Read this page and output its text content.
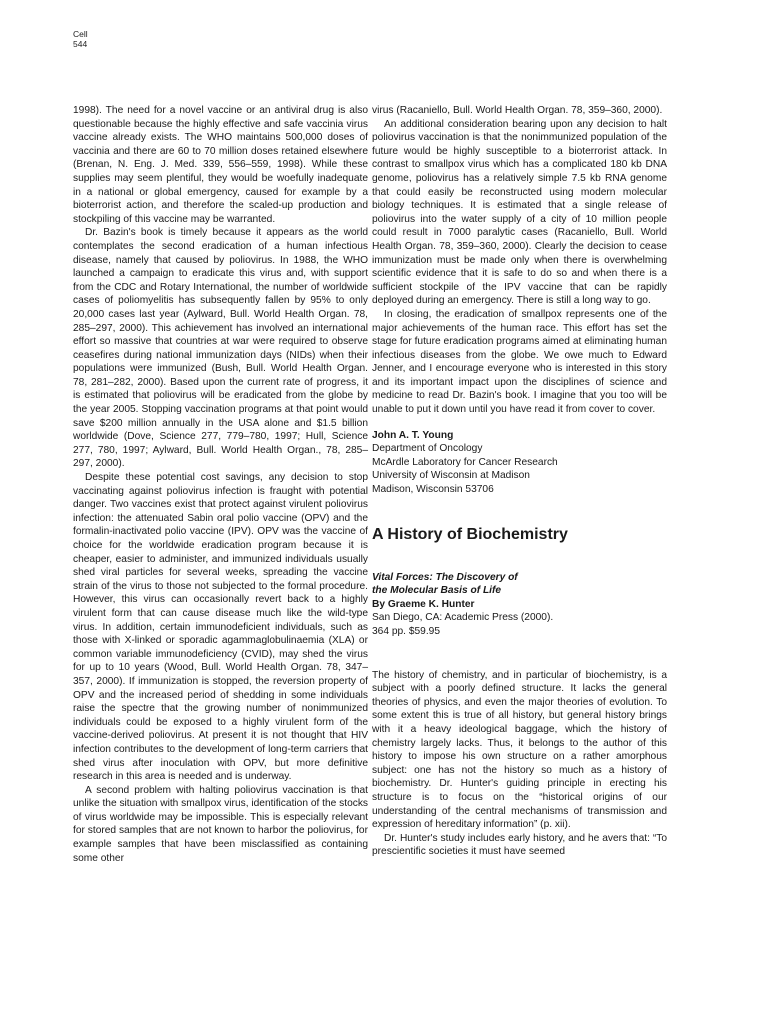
Cell
544

1998). The need for a novel vaccine or an antiviral drug is also questionable because the highly effective and safe vaccinia virus vaccine already exists. The WHO maintains 500,000 doses of vaccinia and there are 60 to 70 million doses retained elsewhere (Brenan, N. Eng. J. Med. 339, 556–559, 1998). While these supplies may seem plentiful, they would be woefully inadequate in a national or global emergency, caused for example by a bioterrorist action, and therefore the scaled-up production and stockpiling of this vaccine may be warranted.

Dr. Bazin's book is timely because it appears as the world contemplates the second eradication of a human infectious disease, namely that caused by poliovirus. In 1988, the WHO launched a campaign to eradicate this virus and, with support from the CDC and Rotary International, the number of worldwide cases of poliomyelitis has subsequently fallen by 95% to only 20,000 cases last year (Aylward, Bull. World Health Organ. 78, 285–297, 2000). This achievement has involved an international effort so massive that countries at war were required to observe ceasefires during national immunization days (NIDs) when their populations were immunized (Bush, Bull. World Health Organ. 78, 281–282, 2000). Based upon the current rate of progress, it is estimated that poliovirus will be eradicated from the globe by the year 2005. Stopping vaccination programs at that point would save $200 million annually in the USA alone and $1.5 billion worldwide (Dove, Science 277, 779–780, 1997; Hull, Science 277, 780, 1997; Aylward, Bull. World Health Organ., 78, 285–297, 2000).

Despite these potential cost savings, any decision to stop vaccinating against poliovirus infection is fraught with potential danger. Two vaccines exist that protect against virulent poliovirus infection: the attenuated Sabin oral polio vaccine (OPV) and the formalin-inactivated polio vaccine (IPV). OPV was the vaccine of choice for the worldwide eradication program because it is cheaper, easier to administer, and immunized individuals usually shed viral particles for several weeks, spreading the vaccine strain of the virus to those not subjected to the formal procedure. However, this virus can occasionally revert back to a highly virulent form that can cause disease much like the wild-type virus. In addition, certain immunodeficient individuals, such as those with X-linked or sporadic agammaglobulinaemia (XLA) or common variable immunodeficiency (CVID), may shed the virus for up to 10 years (Wood, Bull. World Health Organ. 78, 347–357, 2000). If immunization is stopped, the reversion property of OPV and the increased period of shedding in some individuals raise the spectre that the growing number of nonimmunized individuals could be exposed to a highly virulent form of the vaccine-derived poliovirus. At present it is not thought that HIV infection contributes to the development of long-term carriers that shed virus after inoculation with OPV, but more definitive research in this area is needed and is underway.

A second problem with halting poliovirus vaccination is that unlike the situation with smallpox virus, identification of the stocks of virus worldwide may be impossible. This is especially relevant for stored samples that are not known to harbor the poliovirus, for example samples that have been misclassified as containing some other

virus (Racaniello, Bull. World Health Organ. 78, 359–360, 2000).

An additional consideration bearing upon any decision to halt poliovirus vaccination is that the nonimmunized population of the future would be highly susceptible to a bioterrorist attack. In contrast to smallpox virus which has a complicated 180 kb DNA genome, poliovirus has a relatively simple 7.5 kb RNA genome that could easily be reconstructed using modern molecular biology techniques. It is estimated that a single release of poliovirus into the water supply of a city of 10 million people could result in 7000 paralytic cases (Racaniello, Bull. World Health Organ. 78, 359–360, 2000). Clearly the decision to cease immunization must be made only when there is overwhelming scientific evidence that it is safe to do so and when there is a sufficient stockpile of the IPV vaccine that can be rapidly deployed during an emergency. There is still a long way to go.

In closing, the eradication of smallpox represents one of the major achievements of the human race. This effort has set the stage for future eradication programs aimed at eliminating human infectious diseases from the globe. We owe much to Edward Jenner, and I encourage everyone who is interested in this story and its important impact upon the disciplines of science and medicine to read Dr. Bazin's book. I imagine that you too will be unable to put it down until you have read it from cover to cover.

John A. T. Young
Department of Oncology
McArdle Laboratory for Cancer Research
University of Wisconsin at Madison
Madison, Wisconsin 53706
A History of Biochemistry
Vital Forces: The Discovery of
the Molecular Basis of Life
By Graeme K. Hunter
San Diego, CA: Academic Press (2000).
364 pp. $59.95

The history of chemistry, and in particular of biochemistry, is a subject with a poorly defined structure. It lacks the general theories of physics, and even the major theories of evolution. To some extent this is true of all history, but general history brings with it a heavy ideological baggage, which the history of chemistry largely lacks. Thus, it belongs to the author of this history to impose his own structure on a rather amorphous subject: one has not the history so much as a history of biochemistry. Dr. Hunter's guiding principle in erecting his structure is to focus on the “historical origins of our understanding of the central mechanisms of transmission and expression of hereditary information” (p. xii).

Dr. Hunter's study includes early history, and he avers that: “To prescientific societies it must have seemed
